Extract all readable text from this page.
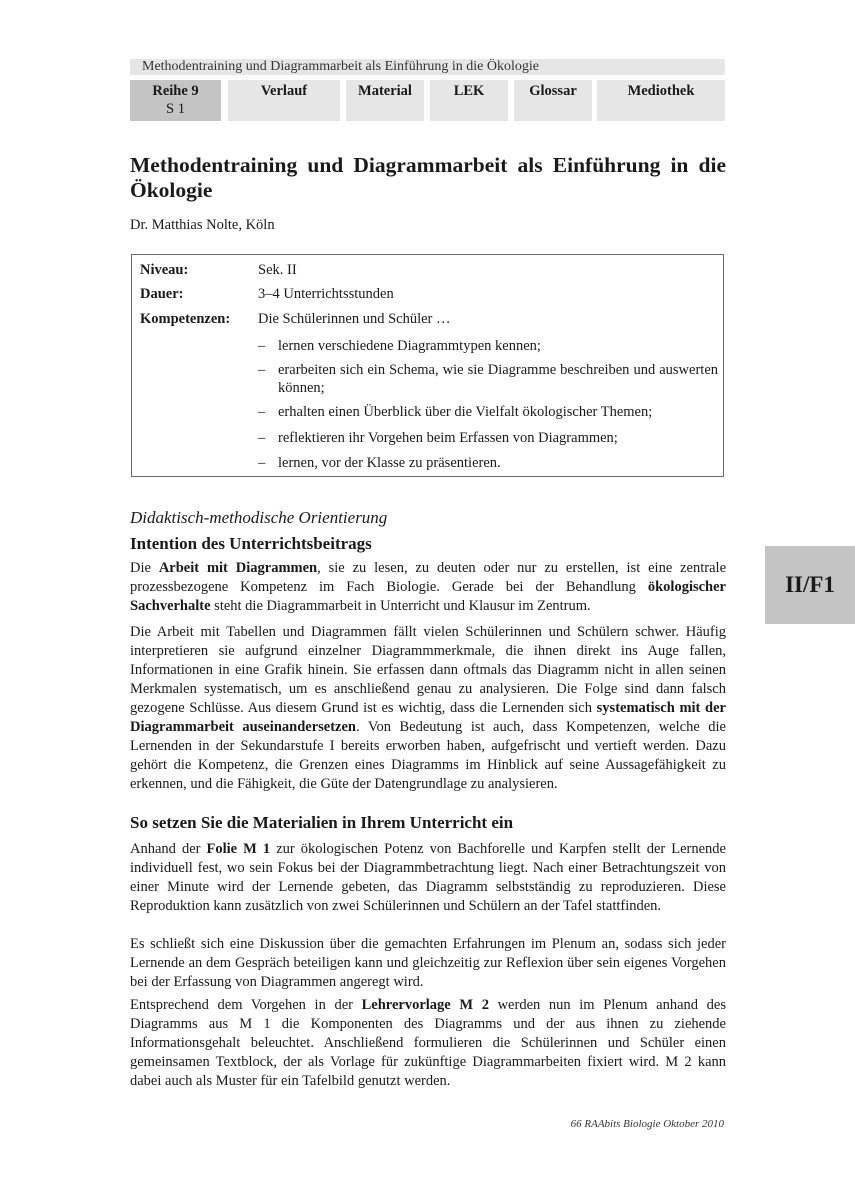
Methodentraining und Diagrammarbeit als Einführung in die Ökologie
Reihe 9
S 1
Verlauf	Material	LEK	Glossar	Mediothek
Methodentraining und Diagrammarbeit als Einführung in die Ökologie
Dr. Matthias Nolte, Köln
Niveau:	Sek. II
Dauer:	3–4 Unterrichtsstunden
Kompetenzen: Die Schülerinnen und Schüler …
– lernen verschiedene Diagrammtypen kennen;
– erarbeiten sich ein Schema, wie sie Diagramme beschreiben und auswerten können;
– erhalten einen Überblick über die Vielfalt ökologischer Themen;
– reflektieren ihr Vorgehen beim Erfassen von Diagrammen;
– lernen, vor der Klasse zu präsentieren.
Didaktisch-methodische Orientierung
Intention des Unterrichtsbeitrags

Die Arbeit mit Diagrammen, sie zu lesen, zu deuten oder nur zu erstellen, ist eine zentrale prozessbezogene Kompetenz im Fach Biologie. Gerade bei der Behandlung ökologischer Sachverhalte steht die Diagrammarbeit in Unterricht und Klausur im Zentrum.

Die Arbeit mit Tabellen und Diagrammen fällt vielen Schülerinnen und Schülern schwer. Häufig interpretieren sie aufgrund einzelner Diagrammmerkmale, die ihnen direkt ins Auge fallen, Informationen in eine Grafik hinein. Sie erfassen dann oftmals das Diagramm nicht in allen seinen Merkmalen systematisch, um es anschließend genau zu analysieren. Die Folge sind dann falsch gezogene Schlüsse. Aus diesem Grund ist es wichtig, dass die Lernenden sich systematisch mit der Diagrammarbeit auseinandersetzen. Von Bedeutung ist auch, dass Kompetenzen, welche die Lernenden in der Sekundarstufe I bereits erworben haben, aufgefrischt und vertieft werden. Dazu gehört die Kompetenz, die Grenzen eines Diagramms im Hinblick auf seine Aussagefähigkeit zu erkennen, und die Fähigkeit, die Güte der Datengrundlage zu analysieren.

So setzen Sie die Materialien in Ihrem Unterricht ein

Anhand der Folie M 1 zur ökologischen Potenz von Bachforelle und Karpfen stellt der Lernende individuell fest, wo sein Fokus bei der Diagrammbetrachtung liegt. Nach einer Betrachtungszeit von einer Minute wird der Lernende gebeten, das Diagramm selbstständig zu reproduzieren. Diese Reproduktion kann zusätzlich von zwei Schülerinnen und Schülern an der Tafel stattfinden.

Es schließt sich eine Diskussion über die gemachten Erfahrungen im Plenum an, sodass sich jeder Lernende an dem Gespräch beteiligen kann und gleichzeitig zur Reflexion über sein eigenes Vorgehen bei der Erfassung von Diagrammen angeregt wird.

Entsprechend dem Vorgehen in der Lehrervorlage M 2 werden nun im Plenum anhand des Diagramms aus M 1 die Komponenten des Diagramms und der aus ihnen zu ziehende Informationsgehalt beleuchtet. Anschließend formulieren die Schülerinnen und Schüler einen gemeinsamen Textblock, der als Vorlage für zukünftige Diagrammarbeiten fixiert wird. M 2 kann dabei auch als Muster für ein Tafelbild genutzt werden.

II/F1
66 RAAbits Biologie Oktober 2010
